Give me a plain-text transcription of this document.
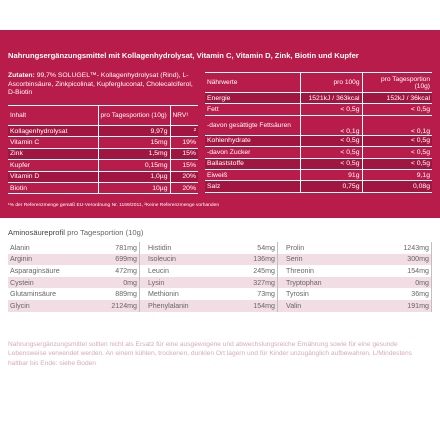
Nahrungsergänzungsmittel mit Kollagenhydrolysat, Vitamin C, Vitamin D, Zink, Biotin und Kupfer
Zutaten: 99,7% SOLUGEL™- Kollagenhydrolysat (Rind), L-Ascorbinsäure, Zinkpicolinat, Kupfergluconat, Cholecalciferol, D-Biotin
Inhalt	pro Tagesportion (10g)	NRV¹
Kollagenhydrolysat	9,97g	²
Vitamin C	15mg	19%
Zink	1,5mg	15%
Kupfer	0,15mg	15%
Vitamin D	1,0µg	20%
Biotin	10µg	20%
Nährwerte	pro 100g	pro Tagesportion (10g)
Energie	1521kJ / 363kcal	152kJ / 36kcal
Fett	< 0,5g	< 0,5g
-davon gesättigte Fettsäuren	< 0,1g	< 0,1g
Kohlenhydrate	< 0,5g	< 0,5g
-davon Zucker	< 0,5g	< 0,5g
Ballaststoffe	< 0,5g	< 0,5g
Eiweiß	91g	9,1g
Salz	0,75g	0,08g
¹% der Referenzmenge gemäß EU-Verordnung Nr. 1169/2011, ²Keine Referenzmenge vorhanden
Aminosäureprofil pro Tagesportion (10g)
Alanin	781mg Histidin	54mg Prolin	1243mg
Arginin	699mg Isoleucin	136mg Serin	300mg
Asparaginsäure	472mg Leucin	245mg Threonin	154mg
Cystein	0mg Lysin	327mg Tryptophan	0mg
Glutaminsäure	889mg Methionin	73mg Tyrosin	36mg
Glycin	2124mg Phenylalanin	154mg Valin	191mg
Nahrungsergänzungsmittel sollten nicht als Ersatz für eine ausgewogene und abwechslungsreiche Ernährung sowie für eine gesunde Lebensweise verwendet werden. An einem kühlen, trockenen, dunklen Ort lagern und für Kinder unzugänglich aufbewahren. L/Mindestens haltbar bis Ende: siehe Boden
